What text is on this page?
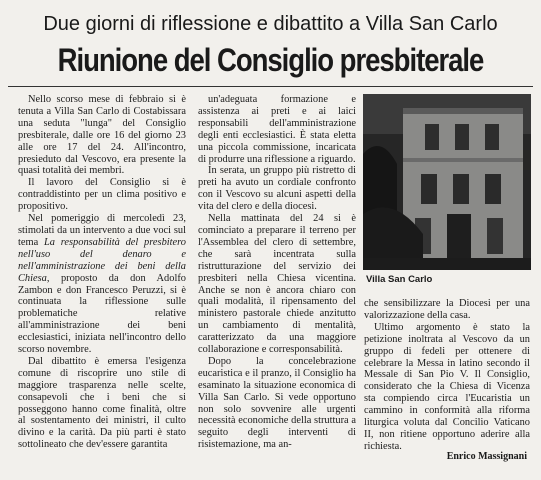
Due giorni di riflessione e dibattito a Villa San Carlo
Riunione del Consiglio presbiterale

Nello scorso mese di febbraio si è tenuta a Villa San Carlo di Costabissara una seduta "lunga" del Consiglio presbiterale, dalle ore 16 del giorno 23 alle ore 17 del 24. All'incontro, presieduto dal Vescovo, era presente la quasi totalità dei membri.

Il lavoro del Consiglio si è contraddistinto per un clima positivo e propositivo.

Nel pomeriggio di mercoledì 23, stimolati da un intervento a due voci sul tema La responsabilità del presbitero nell'uso del denaro e nell'amministrazione dei beni della Chiesa, proposto da don Adolfo Zambon e don Francesco Peruzzi, si è continuata la riflessione sulle problematiche relative all'amministrazione dei beni ecclesiastici, iniziata nell'incontro dello scorso novembre.

Dal dibattito è emersa l'esigenza comune di riscoprire uno stile di maggiore trasparenza nelle scelte, consapevoli che i beni che si posseggono hanno come finalità, oltre al sostentamento dei ministri, il culto divino e la carità. Da più parti è stato sottolineato che dev'essere garantita

un'adeguata formazione e assistenza ai preti e ai laici responsabili dell'amministrazione degli enti ecclesiastici. È stata eletta una piccola commissione, incaricata di produrre una riflessione a riguardo.

In serata, un gruppo più ristretto di preti ha avuto un cordiale confronto con il Vescovo su alcuni aspetti della vita del clero e della diocesi.

Nella mattinata del 24 si è cominciato a preparare il terreno per l'Assemblea del clero di settembre, che sarà incentrata sulla ristrutturazione del servizio dei presbiteri nella Chiesa vicentina. Anche se non è ancora chiaro con quali modalità, il ripensamento del ministero pastorale chiede anzitutto un cambiamento di mentalità, caratterizzato da una maggiore collaborazione e corresponsabilità.

Dopo la concelebrazione eucaristica e il pranzo, il Consiglio ha esaminato la situazione economica di Villa San Carlo. Si vede opportuno non solo sovvenire alle urgenti necessità economiche della struttura a seguito degli interventi di risistemazione, ma an-

Villa San Carlo

che sensibilizzare la Diocesi per una valorizzazione della casa.

Ultimo argomento è stato la petizione inoltrata al Vescovo da un gruppo di fedeli per ottenere di celebrare la Messa in latino secondo il Messale di San Pio V. Il Consiglio, considerato che la Chiesa di Vicenza sta compiendo circa l'Eucaristia un cammino in conformità alla riforma liturgica voluta dal Concilio Vaticano II, non ritiene opportuno aderire alla richiesta.

Enrico Massignani
